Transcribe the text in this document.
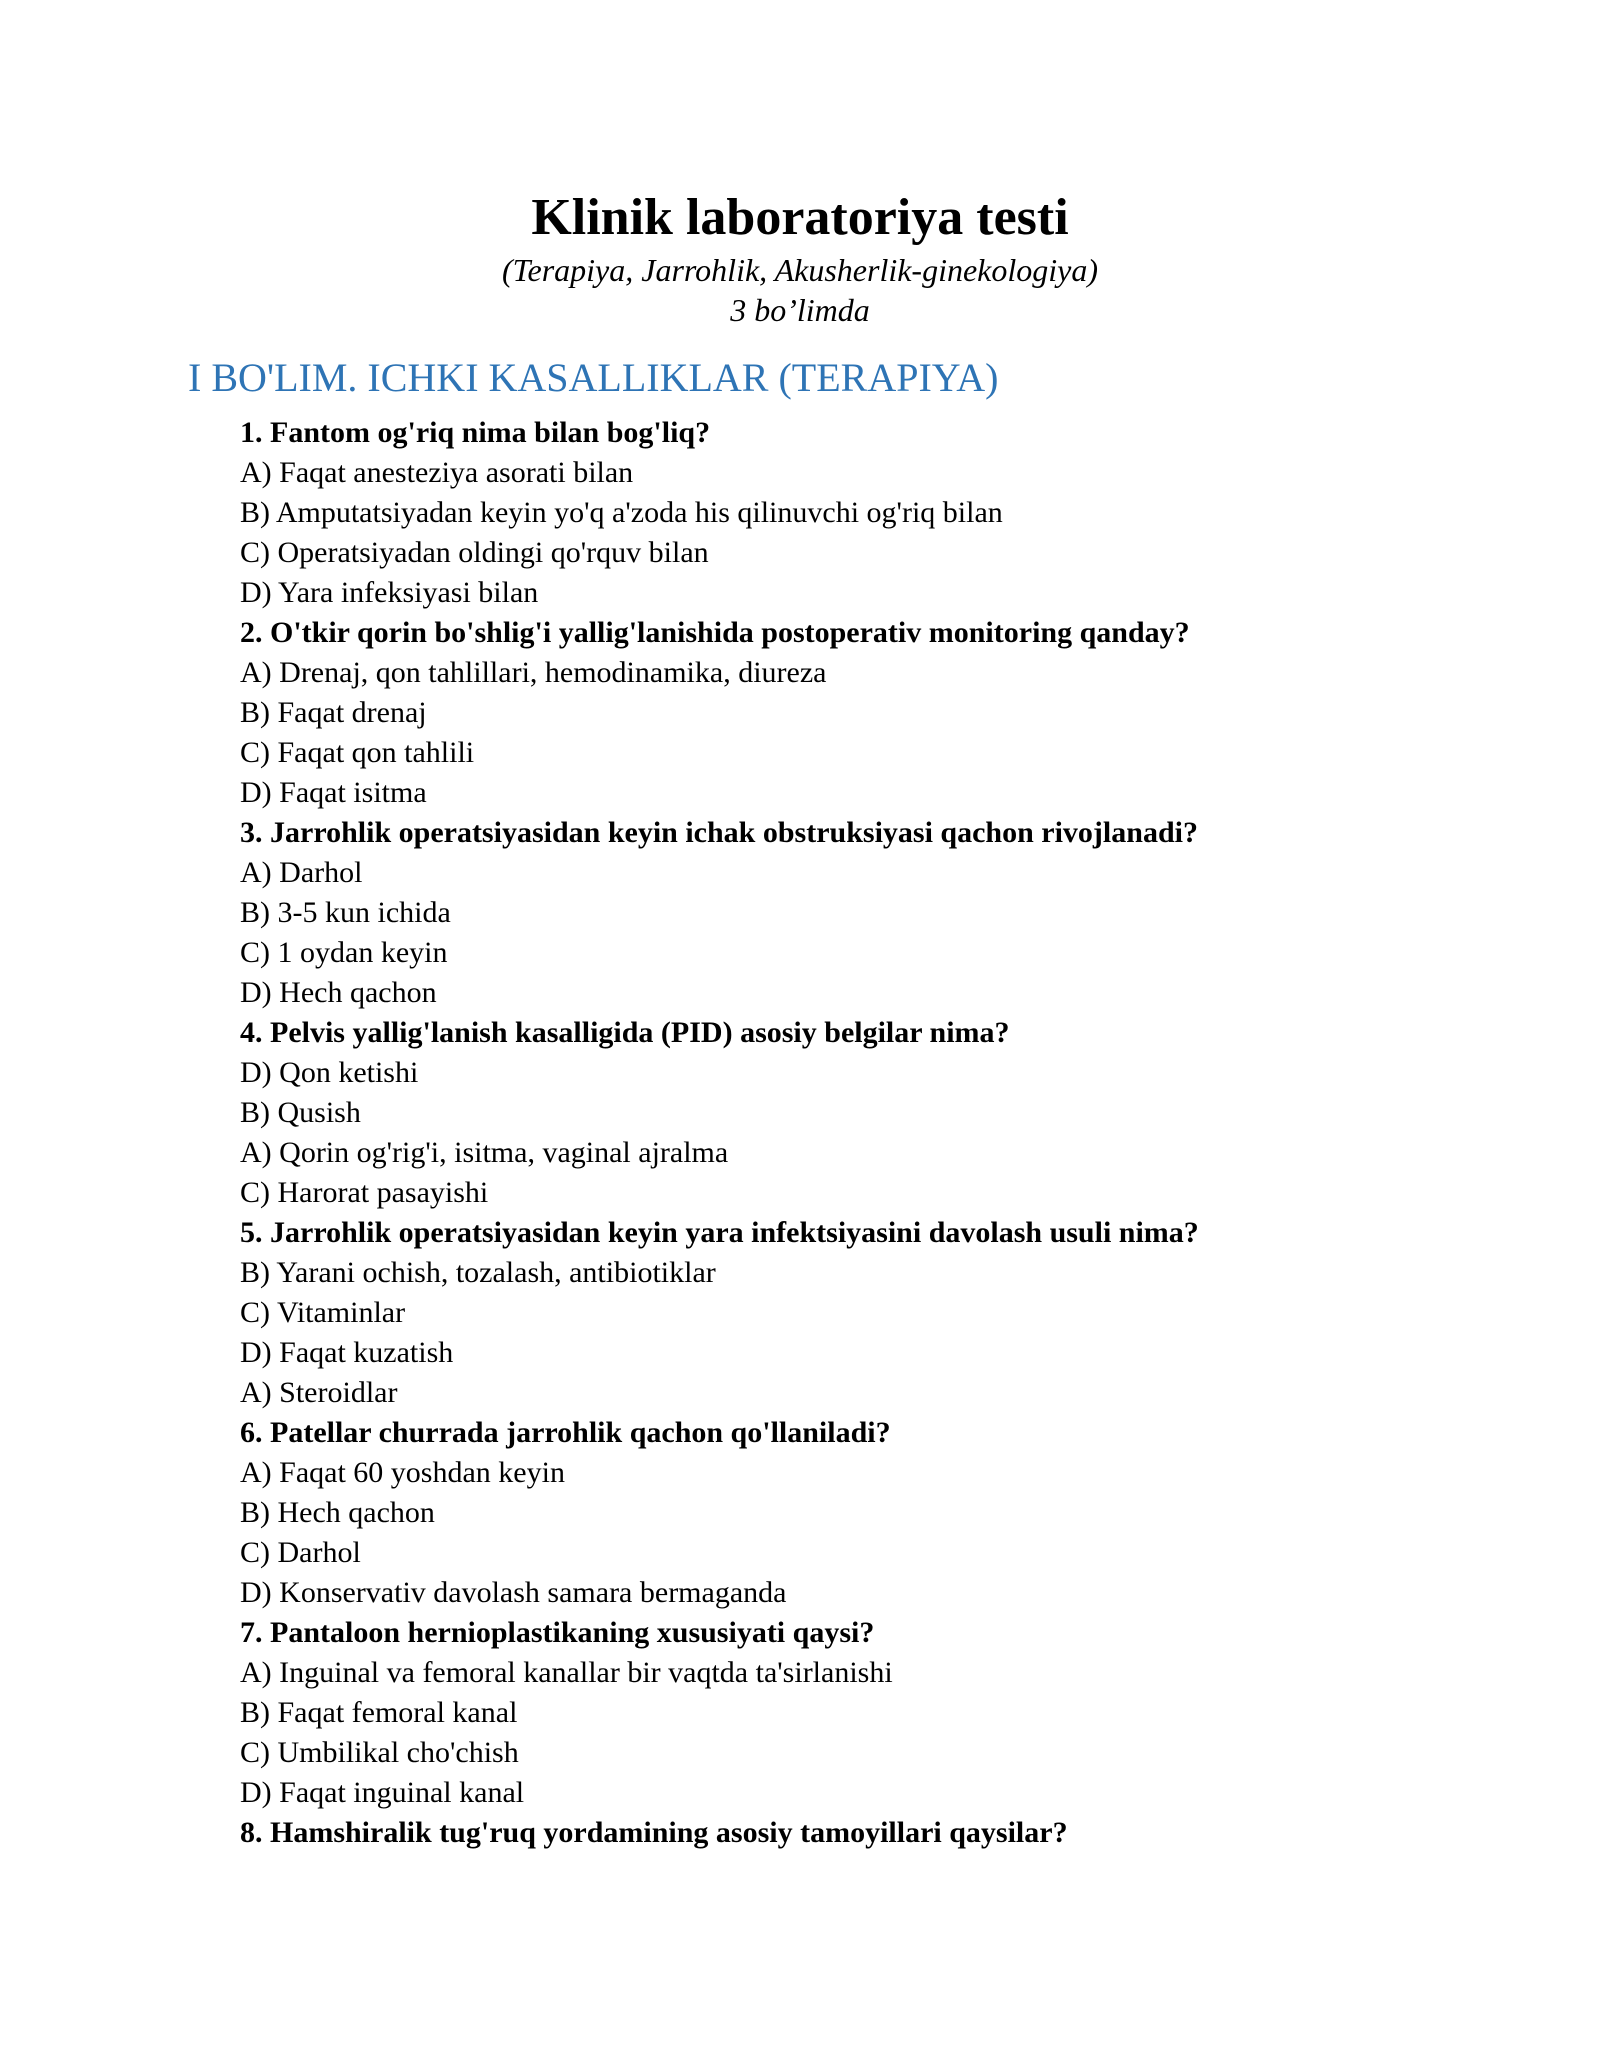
Klinik laboratoriya testi

(Terapiya, Jarrohlik, Akusherlik-ginekologiya)

3 bo’limda

I BO'LIM. ICHKI KASALLIKLAR (TERAPIYA)

1. Fantom og'riq nima bilan bog'liq?

A) Faqat anesteziya asorati bilan

B) Amputatsiyadan keyin yo'q a'zoda his qilinuvchi og'riq bilan

C) Operatsiyadan oldingi qo'rquv bilan

D) Yara infeksiyasi bilan

2. O'tkir qorin bo'shlig'i yallig'lanishida postoperativ monitoring qanday?

A) Drenaj, qon tahlillari, hemodinamika, diureza

B) Faqat drenaj

C) Faqat qon tahlili

D) Faqat isitma

3. Jarrohlik operatsiyasidan keyin ichak obstruksiyasi qachon rivojlanadi?

A) Darhol

B) 3-5 kun ichida

C) 1 oydan keyin

D) Hech qachon

4. Pelvis yallig'lanish kasalligida (PID) asosiy belgilar nima?

D) Qon ketishi

B) Qusish

A) Qorin og'rig'i, isitma, vaginal ajralma

C) Harorat pasayishi

5. Jarrohlik operatsiyasidan keyin yara infektsiyasini davolash usuli nima?

B) Yarani ochish, tozalash, antibiotiklar

C) Vitaminlar

D) Faqat kuzatish

A) Steroidlar

6. Patellar churrada jarrohlik qachon qo'llaniladi?

A) Faqat 60 yoshdan keyin

B) Hech qachon

C) Darhol

D) Konservativ davolash samara bermaganda

7. Pantaloon hernioplastikaning xususiyati qaysi?

A) Inguinal va femoral kanallar bir vaqtda ta'sirlanishi

B) Faqat femoral kanal

C) Umbilikal cho'chish

D) Faqat inguinal kanal

8. Hamshiralik tug'ruq yordamining asosiy tamoyillari qaysilar?
